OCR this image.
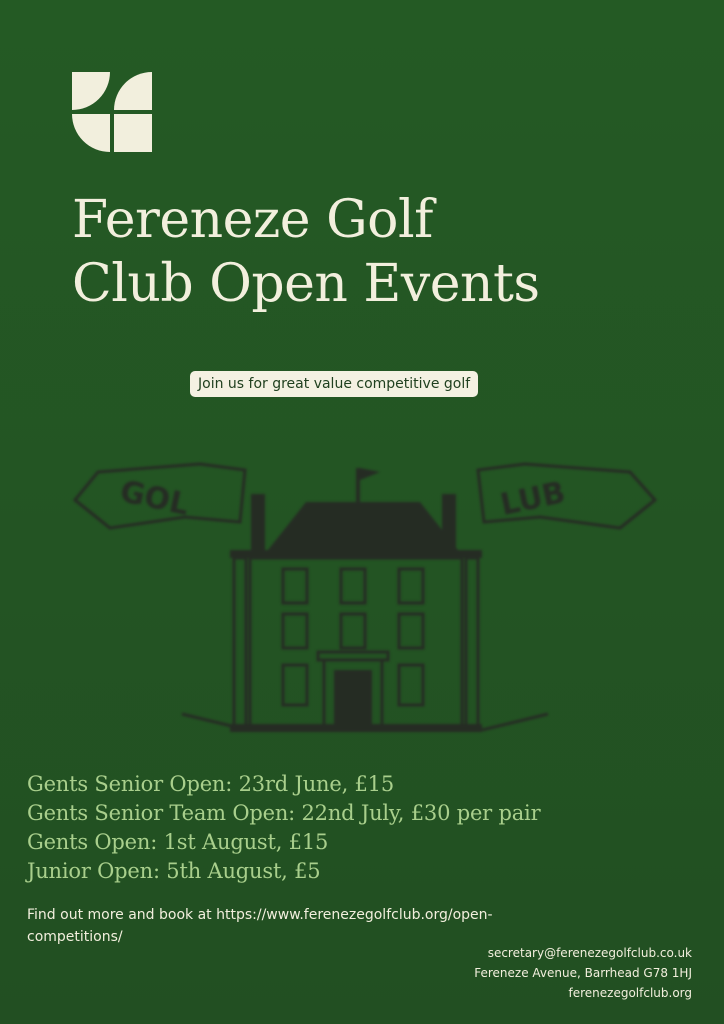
Fereneze Golf
Club Open Events
Join us for great value competitive golf
GOL	LUB
Gents Senior Open: 23rd June, £15
Gents Senior Team Open: 22nd July, £30 per pair
Gents Open: 1st August, £15
Junior Open: 5th August, £5

Find out more and book at https://www.ferenezegolfclub.org/open-competitions/

secretary@ferenezegolfclub.co.uk
Fereneze Avenue, Barrhead G78 1HJ
ferenezegolfclub.org
